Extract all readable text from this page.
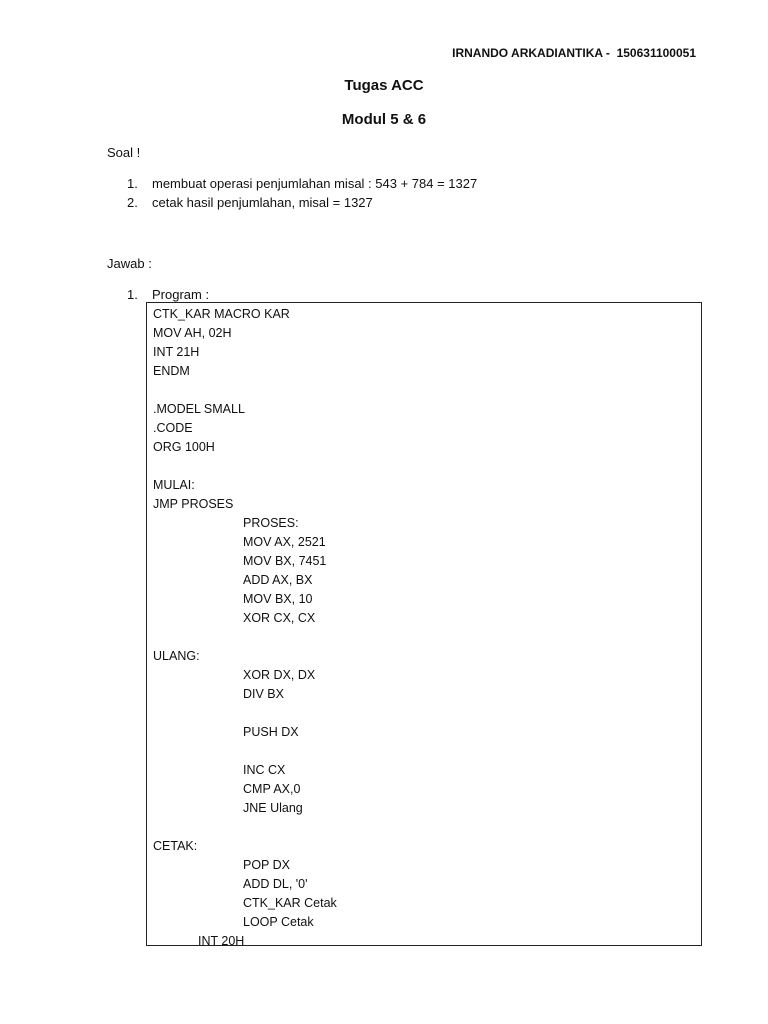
IRNANDO ARKADIANTIKA -  150631100051
Tugas ACC
Modul 5 & 6
Soal !
1. membuat operasi penjumlahan misal : 543 + 784 = 1327
2. cetak hasil penjumlahan, misal = 1327
Jawab :
1. Program :
CTK_KAR MACRO KAR
MOV AH, 02H
INT 21H
ENDM
.MODEL SMALL
.CODE
ORG 100H
MULAI:
JMP PROSES
PROSES:
MOV AX, 2521
MOV BX, 7451
ADD AX, BX
MOV BX, 10
XOR CX, CX
ULANG:
XOR DX, DX
DIV BX
PUSH DX
INC CX
CMP AX,0
JNE Ulang
CETAK:
POP DX
ADD DL, '0'
CTK_KAR Cetak
LOOP Cetak
INT 20H
